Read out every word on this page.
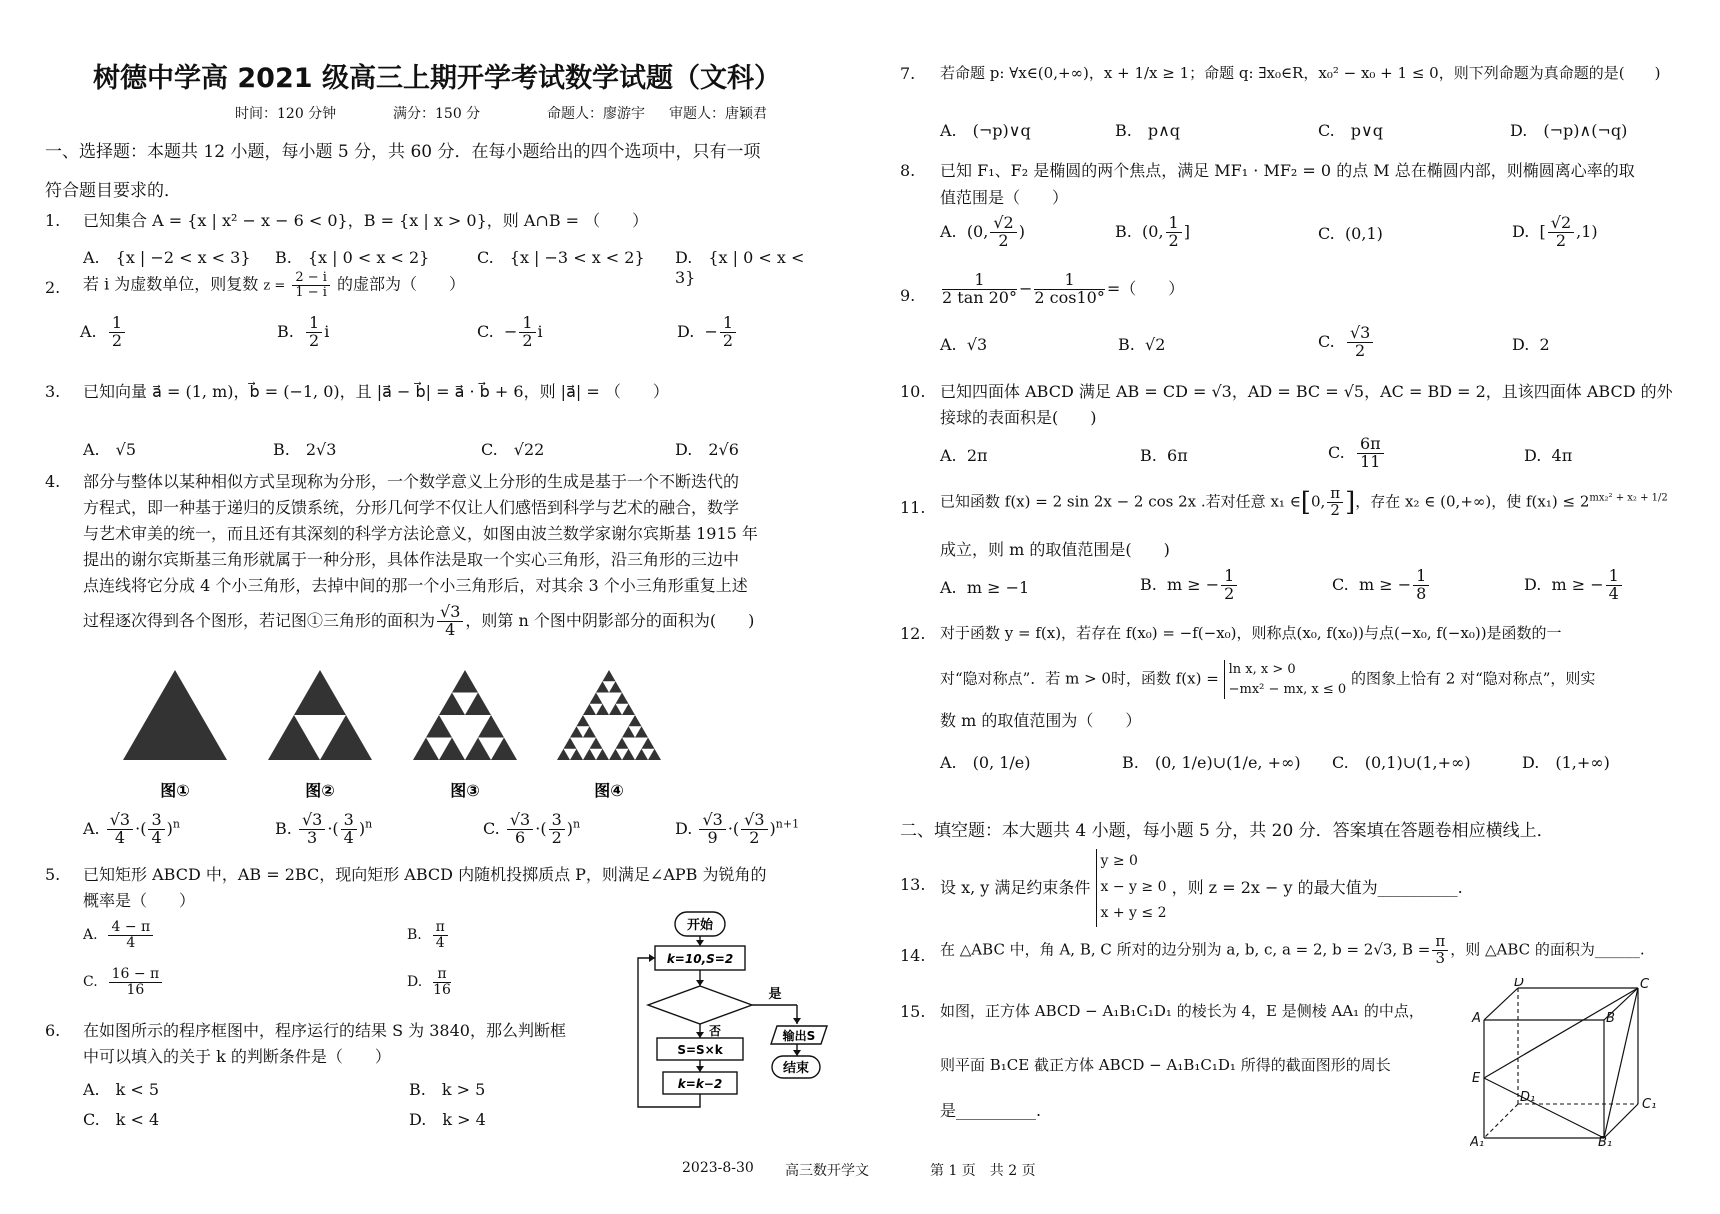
树德中学高 2021 级高三上期开学考试数学试题（文科）
时间：120 分钟	满分：150 分	命题人：廖游宇 审题人：唐颖君
一、选择题：本题共 12 小题，每小题 5 分，共 60 分．在每小题给出的四个选项中，只有一项
符合题目要求的．
1. 已知集合 A = {x | x² − x − 6 < 0}，B = {x | x > 0}，则 A∩B = （　　）
A.　{x | −2 < x < 3} B.　{x | 0 < x < 2}	C.　{x | −3 < x < 2} D.　{x | 0 < x < 3}
2. 若 i 为虚数单位，则复数 $z = \frac{2 - i}{1 - i}$ 的虚部为（　　）
A. $\frac{1}{2}$	B. $\frac{1}{2}$ i	C. − $\frac{1}{2}$ i	D. − $\frac{1}{2}$
3. 已知向量 a⃗ = (1, m)，b⃗ = (−1, 0)，且 |a⃗ − b⃗| = a⃗ · b⃗ + 6，则 |a⃗| = （　　）
A.　√5	B.　2√3	C.　√22	D.　2√6
4. 部分与整体以某种相似方式呈现称为分形，一个数学意义上分形的生成是基于一个不断迭代的
方程式，即一种基于递归的反馈系统，分形几何学不仅让人们感悟到科学与艺术的融合，数学
与艺术审美的统一，而且还有其深刻的科学方法论意义，如图由波兰数学家谢尔宾斯基 1915 年
提出的谢尔宾斯基三角形就属于一种分形，具体作法是取一个实心三角形，沿三角形的三边中
点连线将它分成 4 个小三角形，去掉中间的那一个小三角形后，对其余 3 个小三角形重复上述
过程逐次得到各个图形，若记图①三角形的面积为 $\frac{√3}{4}$ ，则第 n 个图中阴影部分的面积为(　　)
图①	图②	图③	图④
A. $\frac{√3}{4}$ ·( $\frac{3}{4} )^n$	B. $\frac{√3}{3}$ ·( $\frac{3}{4} )^n$	C. $\frac{√3}{6}$ ·( $\frac{3}{2} )^n$	D. $\frac{√3}{9}$ ·( $\frac{√3}{2} )^{n+1}$
5. 已知矩形 ABCD 中，AB = 2BC，现向矩形 ABCD 内随机投掷质点 P，则满足∠APB 为锐角的
概率是（　　）
A. $\frac{4 - \pi}{4}$	B. $\frac{\pi}{4}$
C. $\frac{16 - \pi}{16}$	D. $\frac{\pi}{16}$
6. 在如图所示的程序框图中，程序运行的结果 S 为 3840，那么判断框
中可以填入的关于 k 的判断条件是（　　）
A.　k < 5	B.　k > 5
C.　k < 4	D.　k > 4
开始
k=10,S=2
是
否	输出S
结束
S=S×k
k=k−2
7. 若命题 p: ∀x∈(0,+∞)，x + 1/x ≥ 1；命题 q: ∃x₀∈R，x₀² − x₀ + 1 ≤ 0，则下列命题为真命题的是(　　)
A.　(¬p)∨q	B.　p∧q	C.　p∨q	D.　(¬p)∧(¬q)
8. 已知 F₁、F₂ 是椭圆的两个焦点，满足 MF₁ · MF₂ = 0 的点 M 总在椭圆内部，则椭圆离心率的取
值范围是（　　）
A. (0, $\frac{√2}{2}$ )	B. (0, $\frac{1}{2}$ ]	C. (0,1)	D. [ $\frac{√2}{2} ,1$)
9. $\frac{1}{2 \tan 20^\circ} - \frac{1}{2 \cos 10^\circ}$ =（　　）
A. √3	B. √2	C. $\frac{√3}{2}$	D. 2
10. 已知四面体 ABCD 满足 AB = CD = √3，AD = BC = √5，AC = BD = 2，且该四面体 ABCD 的外
接球的表面积是(　　)
A. 2π	B. 6π	C. $\frac{6\pi}{11}$	D. 4π
11. 已知函数 f(x) = 2 sin 2x − 2 cos 2x .若对任意 x₁ ∈[0, $\frac{\pi}{2}$ ]，存在 x₂ ∈ (0,+∞)，使 $f(x_1) \le 2^{mx_2^2 + x_2 + 1/2}$
成立，则 m 的取值范围是(　　)
A. m ≥ −1	B. m ≥ − $\frac{1}{2}$	C. m ≥ − $\frac{1}{8}$	D. m ≥ − $\frac{1}{4}$
12. 对于函数 y = f(x)，若存在 f(x₀) = −f(−x₀)，则称点(x₀, f(x₀))与点(−x₀, f(−x₀))是函数的一
对“隐对称点”．若 m > 0时，函数 f(x) = ln x, x > 0
−mx² − mx, x ≤ 0
的图象上恰有 2 对“隐对称点”，则实
数 m 的取值范围为（　　）
A.　(0, 1/e)	B.　(0, 1/e)∪(1/e, +∞) C.　(0,1)∪(1,+∞)	D.　(1,+∞)
二、填空题：本大题共 4 小题，每小题 5 分，共 20 分．答案填在答题卷相应横线上．
13. 设 x, y 满足约束条件
y ≥ 0
x − y ≥ 0
x + y ≤ 2
，则 z = 2x − y 的最大值为__________.
14. 在 △ABC 中，角 A, B, C 所对的边分别为 a, b, c, a = 2, b = 2√3, $B = \frac{\pi}{3}$ ，则 △ABC 的面积为______.
15. 如图，正方体 ABCD − A₁B₁C₁D₁ 的棱长为 4，E 是侧棱 AA₁ 的中点，
则平面 B₁CE 截正方体 ABCD − A₁B₁C₁D₁ 所得的截面图形的周长
是__________.
D	C
A	B
E
D₁	C₁
A₁	B₁
2023-8-30 高三数开学文	第 1 页　共 2 页
